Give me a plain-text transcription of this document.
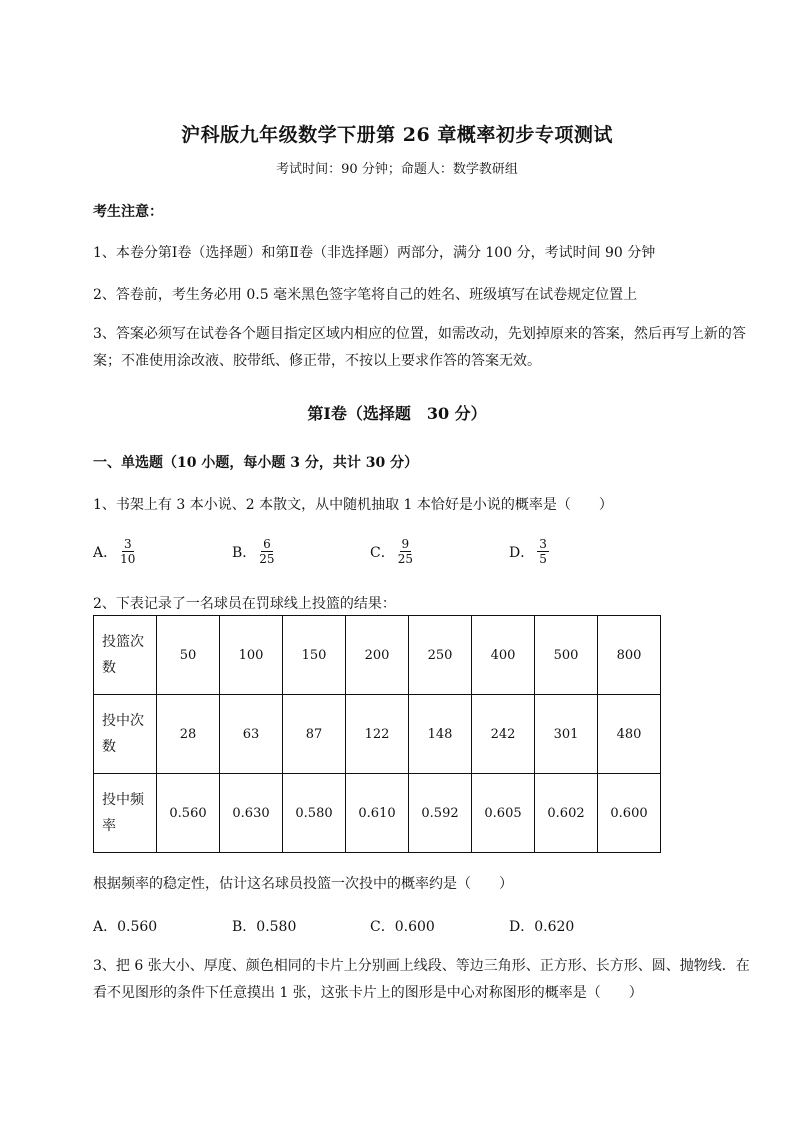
沪科版九年级数学下册第 26 章概率初步专项测试
考试时间：90 分钟；命题人：数学教研组
考生注意：
1、本卷分第Ⅰ卷（选择题）和第Ⅱ卷（非选择题）两部分，满分 100 分，考试时间 90 分钟
2、答卷前，考生务必用 0.5 毫米黑色签字笔将自己的姓名、班级填写在试卷规定位置上
3、答案必须写在试卷各个题目指定区域内相应的位置，如需改动，先划掉原来的答案，然后再写上新的答案；不准使用涂改液、胶带纸、修正带，不按以上要求作答的答案无效。
第Ⅰ卷（选择题　30 分）
一、单选题（10 小题，每小题 3 分，共计 30 分）
1、书架上有 3 本小说、2 本散文，从中随机抽取 1 本恰好是小说的概率是（　　）
A． $\frac{3}{10}$	B． $\frac{6}{25}$	C． $\frac{9}{25}$	D． $\frac{3}{5}$
2、下表记录了一名球员在罚球线上投篮的结果：
投篮次数	50	100	150	200	250	400	500	800
投中次数	28	63	87	122	148	242	301	480
投中频率	0.560	0.630	0.580	0.610	0.592	0.605	0.602	0.600
根据频率的稳定性，估计这名球员投篮一次投中的概率约是（　　）
A．0.560	B．0.580	C．0.600	D．0.620
3、把 6 张大小、厚度、颜色相同的卡片上分别画上线段、等边三角形、正方形、长方形、圆、抛物线．在看不见图形的条件下任意摸出 1 张，这张卡片上的图形是中心对称图形的概率是（　　）
